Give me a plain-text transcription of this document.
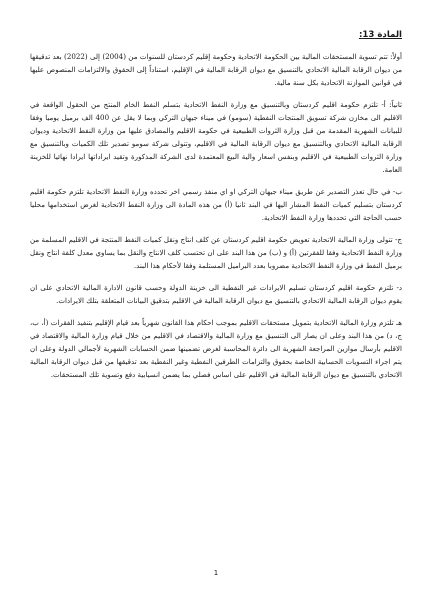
المادة 13:

أولاً: تتم تسوية المستحقات المالية بين الحكومة الاتحادية وحكومة إقليم كردستان للسنوات من (2004) إلى (2022) بعد تدقيقها من ديوان الرقابة المالية الاتحادي بالتنسيق مع ديوان الرقابة المالية في الإقليم، استناداً إلى الحقوق والالتزامات المنصوص عليها في قوانين الموازنة الاتحادية بكل سنة مالية.

ثانياً: أ- تلتزم حكومة اقليم كردستان وبالتنسيق مع وزارة النفط الاتحادية بتسلم النفط الخام المنتج من الحقول الواقعة في الاقليم الى مخازن شركة تسويق المنتجات النفطية (سومو) في ميناء جيهان التركي وبما لا يقل عن 400 الف برميل يوميا وفقا للبيانات الشهرية المقدمة من قبل وزارة الثروات الطبيعية في حكومة الاقليم والمصادق عليها من وزارة النفط الاتحادية وديوان الرقابة المالية الاتحادي وبالتنسيق مع ديوان الرقابة المالية في الاقليم، وتتولى شركة سومو تصدير تلك الكميات وبالتنسيق مع وزارة الثروات الطبيعية في الاقليم وبنفس اسعار والية البيع المعتمدة لدى الشركة المذكورة وتقيد ايراداتها ايرادا نهائيا للخزينة العامة.

ب- في حال تعذر التصدير عن طريق ميناء جيهان التركي او اي منفذ رسمي اخر تحدده وزارة النفط الاتحادية تلتزم حكومة اقليم كردستان بتسليم كميات النفط المشار اليها في البند ثانيا (أ) من هذه المادة الى وزارة النفط الاتحادية لغرض استخدامها محليا حسب الحاجة التي تحددها وزارة النفط الاتحادية.

ج- تتولى وزارة المالية الاتحادية تعويض حكومة اقليم كردستان عن كلف انتاج ونقل كميات النفط المنتجة في الاقليم المسلمة من وزارة النفط الاتحادية وفقا للفقرتين (أ) و (ب) من هذا البند على ان تحتسب كلف الانتاج والنقل بما يساوي معدل كلفة انتاج ونقل برميل النفط في وزارة النفط الاتحادية مضروبا بعدد البراميل المستلمة وفقا لأحكام هذا البند.

د- تلتزم حكومة اقليم كردستان تسليم الايرادات غير النفطية الى خزينة الدولة وحسب قانون الادارة المالية الاتحادي على ان يقوم ديوان الرقابة المالية الاتحادي بالتنسيق مع ديوان الرقابة المالية في الاقليم بتدقيق البيانات المتعلقة بتلك الايرادات.

هـ تلتزم وزارة المالية الاتحادية بتمويل مستحقات الاقليم بموجب احكام هذا القانون شهرياً بعد قيام الإقليم بتنفيذ الفقرات (أ، ب، ج، د) من هذا البند وعلى ان يصار الى التنسيق مع وزارة المالية والاقتصاد في الاقليم من خلال قيام وزارة المالية والاقتصاد في الاقليم بأرسال موازين المراجعة الشهرية الى دائرة المحاسبة لغرض تضمينها ضمن الحسابات الشهرية لأجمالي الدولة وعلى ان يتم اجراء التسويات الحسابية الخاصة بحقوق والتزامات الطرفين النفطية وغير النفطية بعد تدقيقها من قبل ديوان الرقابة المالية الاتحادي بالتنسيق مع ديوان الرقابة المالية في الاقليم على اساس فصلي بما يضمن انسيابية دفع وتسوية تلك المستحقات.

1
